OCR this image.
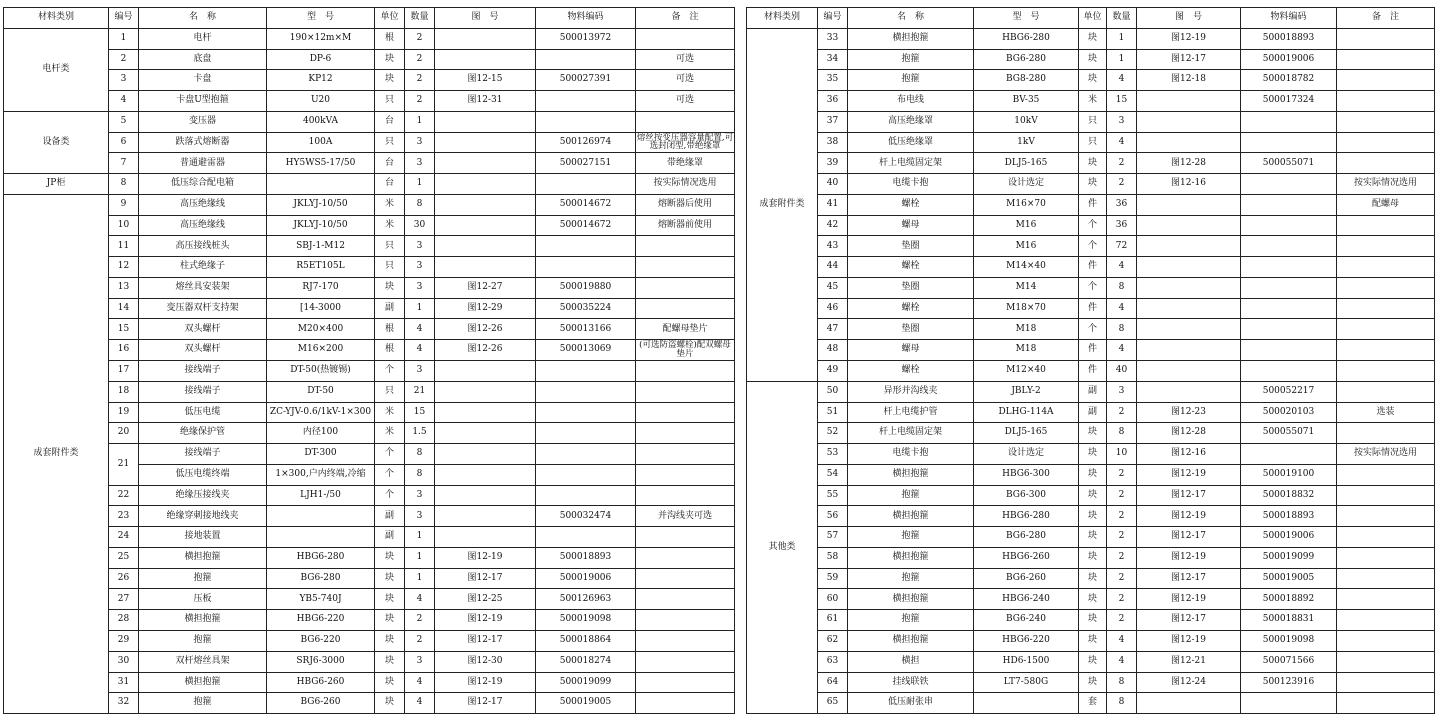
材料类别	编号	名　称	型　号	单位	数量	图　号	物料编码	备　注
电杆类	1	电杆	190×12m×M	根	2		500013972	
	2	底盘	DP-6	块	2			可选
	3	卡盘	KP12	块	2	图12-15	500027391	可选
	4	卡盘U型抱箍	U20	只	2	图12-31		可选
设备类	5	变压器	400kVA	台	1			
	6	跌落式熔断器	100A	只	3		500126974	熔丝按变压器容量配置,可选封闭型,带绝缘罩
	7	普通避雷器	HY5WS5-17/50	台	3		500027151	带绝缘罩
JP柜	8	低压综合配电箱		台	1			按实际情况选用
成套附件类	9	高压绝缘线	JKLYJ-10/50	米	8		500014672	熔断器后使用
	10	高压绝缘线	JKLYJ-10/50	米	30		500014672	熔断器前使用
	11	高压接线桩头	SBJ-1-M12	只	3			
	12	柱式绝缘子	R5ET105L	只	3			
	13	熔丝具安装架	RJ7-170	块	3	图12-27	500019880	
	14	变压器双杆支持架	[14-3000	副	1	图12-29	500035224	
	15	双头螺杆	M20×400	根	4	图12-26	500013166	配螺母垫片
	16	双头螺杆	M16×200	根	4	图12-26	500013069	(可选防盗螺栓)配双螺母垫片
	17	接线端子	DT-50(热镀锡)	个	3			
	18	接线端子	DT-50	只	21			
	19	低压电缆	ZC-YJV-0.6/1kV-1×300	米	15			
	20	绝缘保护管	内径100	米	1.5			
	21	接线端子	DT-300	个	8			
		低压电缆终端	1×300,户内终端,冷缩	个	8			
	22	绝缘压接线夹	LJH1-/50	个	3			
	23	绝缘穿刺接地线夹		副	3		500032474	并沟线夹可选
	24	接地装置		副	1			
	25	横担抱箍	HBG6-280	块	1	图12-19	500018893	
	26	抱箍	BG6-280	块	1	图12-17	500019006	
	27	压板	YB5-740J	块	4	图12-25	500126963	
	28	横担抱箍	HBG6-220	块	2	图12-19	500019098	
	29	抱箍	BG6-220	块	2	图12-17	500018864	
	30	双杆熔丝具架	SRJ6-3000	块	3	图12-30	500018274	
	31	横担抱箍	HBG6-260	块	4	图12-19	500019099	
	32	抱箍	BG6-260	块	4	图12-17	500019005	
材料类别	编号	名　称	型　号	单位	数量	图　号	物料编码	备　注
成套附件类	33	横担抱箍	HBG6-280	块	1	图12-19	500018893	
	34	抱箍	BG6-280	块	1	图12-17	500019006	
	35	抱箍	BG8-280	块	4	图12-18	500018782	
	36	布电线	BV-35	米	15		500017324	
	37	高压绝缘罩	10kV	只	3			
	38	低压绝缘罩	1kV	只	4			
	39	杆上电缆固定架	DLJ5-165	块	2	图12-28	500055071	
	40	电缆卡抱	设计选定	块	2	图12-16		按实际情况选用
	41	螺栓	M16×70	件	36			配螺母
	42	螺母	M16	个	36			
	43	垫圈	M16	个	72			
	44	螺栓	M14×40	件	4			
	45	垫圈	M14	个	8			
	46	螺栓	M18×70	件	4			
	47	垫圈	M18	个	8			
	48	螺母	M18	件	4			
	49	螺栓	M12×40	件	40			
其他类	50	异形并沟线夹	JBLY-2	副	3		500052217	
	51	杆上电缆护管	DLHG-114A	副	2	图12-23	500020103	选装
	52	杆上电缆固定架	DLJ5-165	块	8	图12-28	500055071	
	53	电缆卡抱	设计选定	块	10	图12-16		按实际情况选用
	54	横担抱箍	HBG6-300	块	2	图12-19	500019100	
	55	抱箍	BG6-300	块	2	图12-17	500018832	
	56	横担抱箍	HBG6-280	块	2	图12-19	500018893	
	57	抱箍	BG6-280	块	2	图12-17	500019006	
	58	横担抱箍	HBG6-260	块	2	图12-19	500019099	
	59	抱箍	BG6-260	块	2	图12-17	500019005	
	60	横担抱箍	HBG6-240	块	2	图12-19	500018892	
	61	抱箍	BG6-240	块	2	图12-17	500018831	
	62	横担抱箍	HBG6-220	块	4	图12-19	500019098	
	63	横担	HD6-1500	块	4	图12-21	500071566	
	64	挂线联铁	LT7-580G	块	8	图12-24	500123916	
	65	低压耐张串		套	8			
